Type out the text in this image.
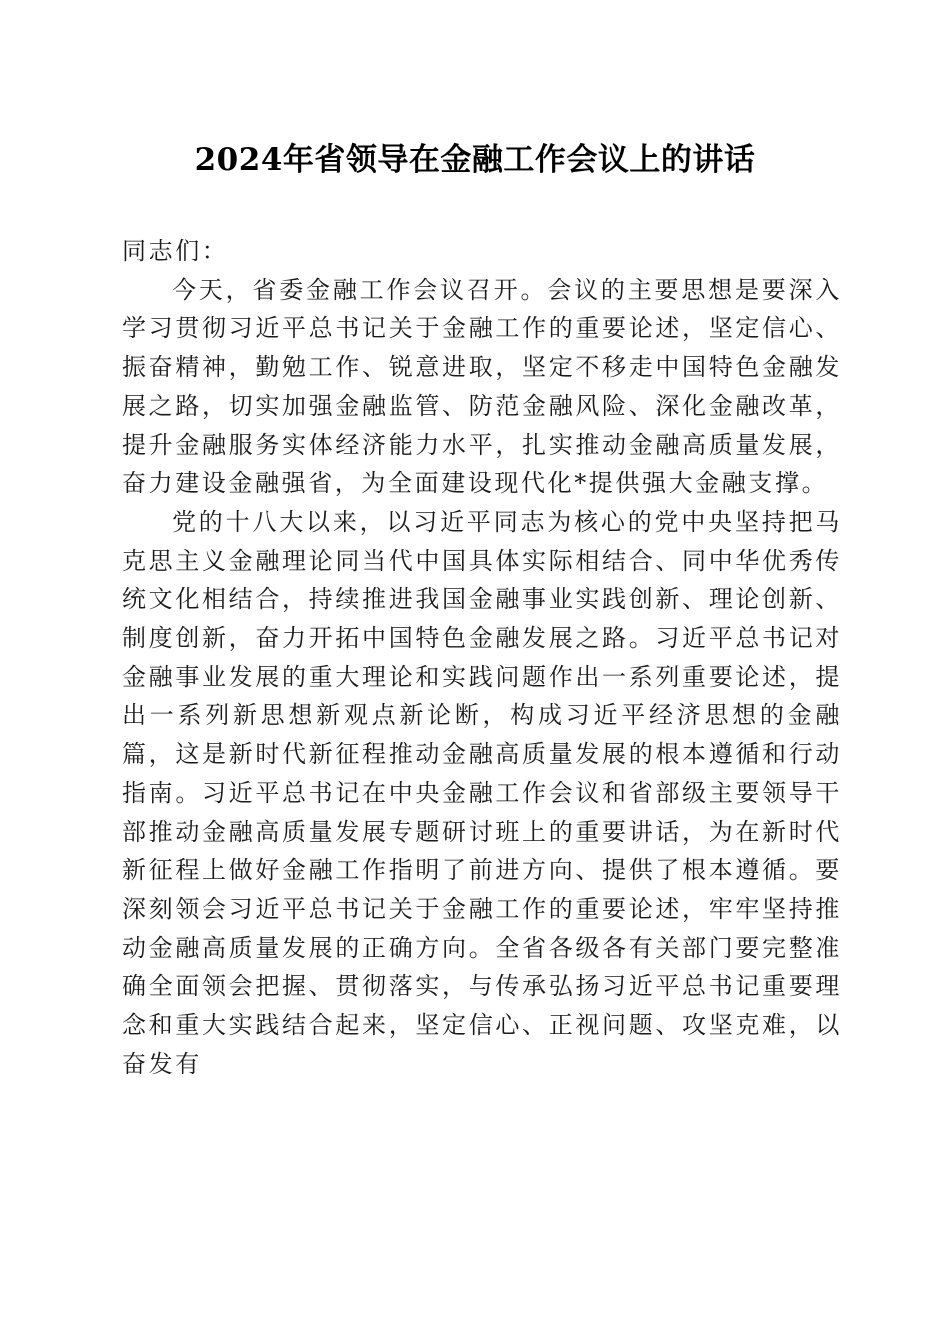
2024年省领导在金融工作会议上的讲话

同志们：

今天，省委金融工作会议召开。会议的主要思想是要深入学习贯彻习近平总书记关于金融工作的重要论述，坚定信心、振奋精神，勤勉工作、锐意进取，坚定不移走中国特色金融发展之路，切实加强金融监管、防范金融风险、深化金融改革，提升金融服务实体经济能力水平，扎实推动金融高质量发展，奋力建设金融强省，为全面建设现代化*提供强大金融支撑。

党的十八大以来，以习近平同志为核心的党中央坚持把马克思主义金融理论同当代中国具体实际相结合、同中华优秀传统文化相结合，持续推进我国金融事业实践创新、理论创新、制度创新，奋力开拓中国特色金融发展之路。习近平总书记对金融事业发展的重大理论和实践问题作出一系列重要论述，提出一系列新思想新观点新论断，构成习近平经济思想的金融篇，这是新时代新征程推动金融高质量发展的根本遵循和行动指南。习近平总书记在中央金融工作会议和省部级主要领导干部推动金融高质量发展专题研讨班上的重要讲话，为在新时代新征程上做好金融工作指明了前进方向、提供了根本遵循。要深刻领会习近平总书记关于金融工作的重要论述，牢牢坚持推动金融高质量发展的正确方向。全省各级各有关部门要完整准确全面领会把握、贯彻落实，与传承弘扬习近平总书记重要理念和重大实践结合起来，坚定信心、正视问题、攻坚克难，以奋发有
